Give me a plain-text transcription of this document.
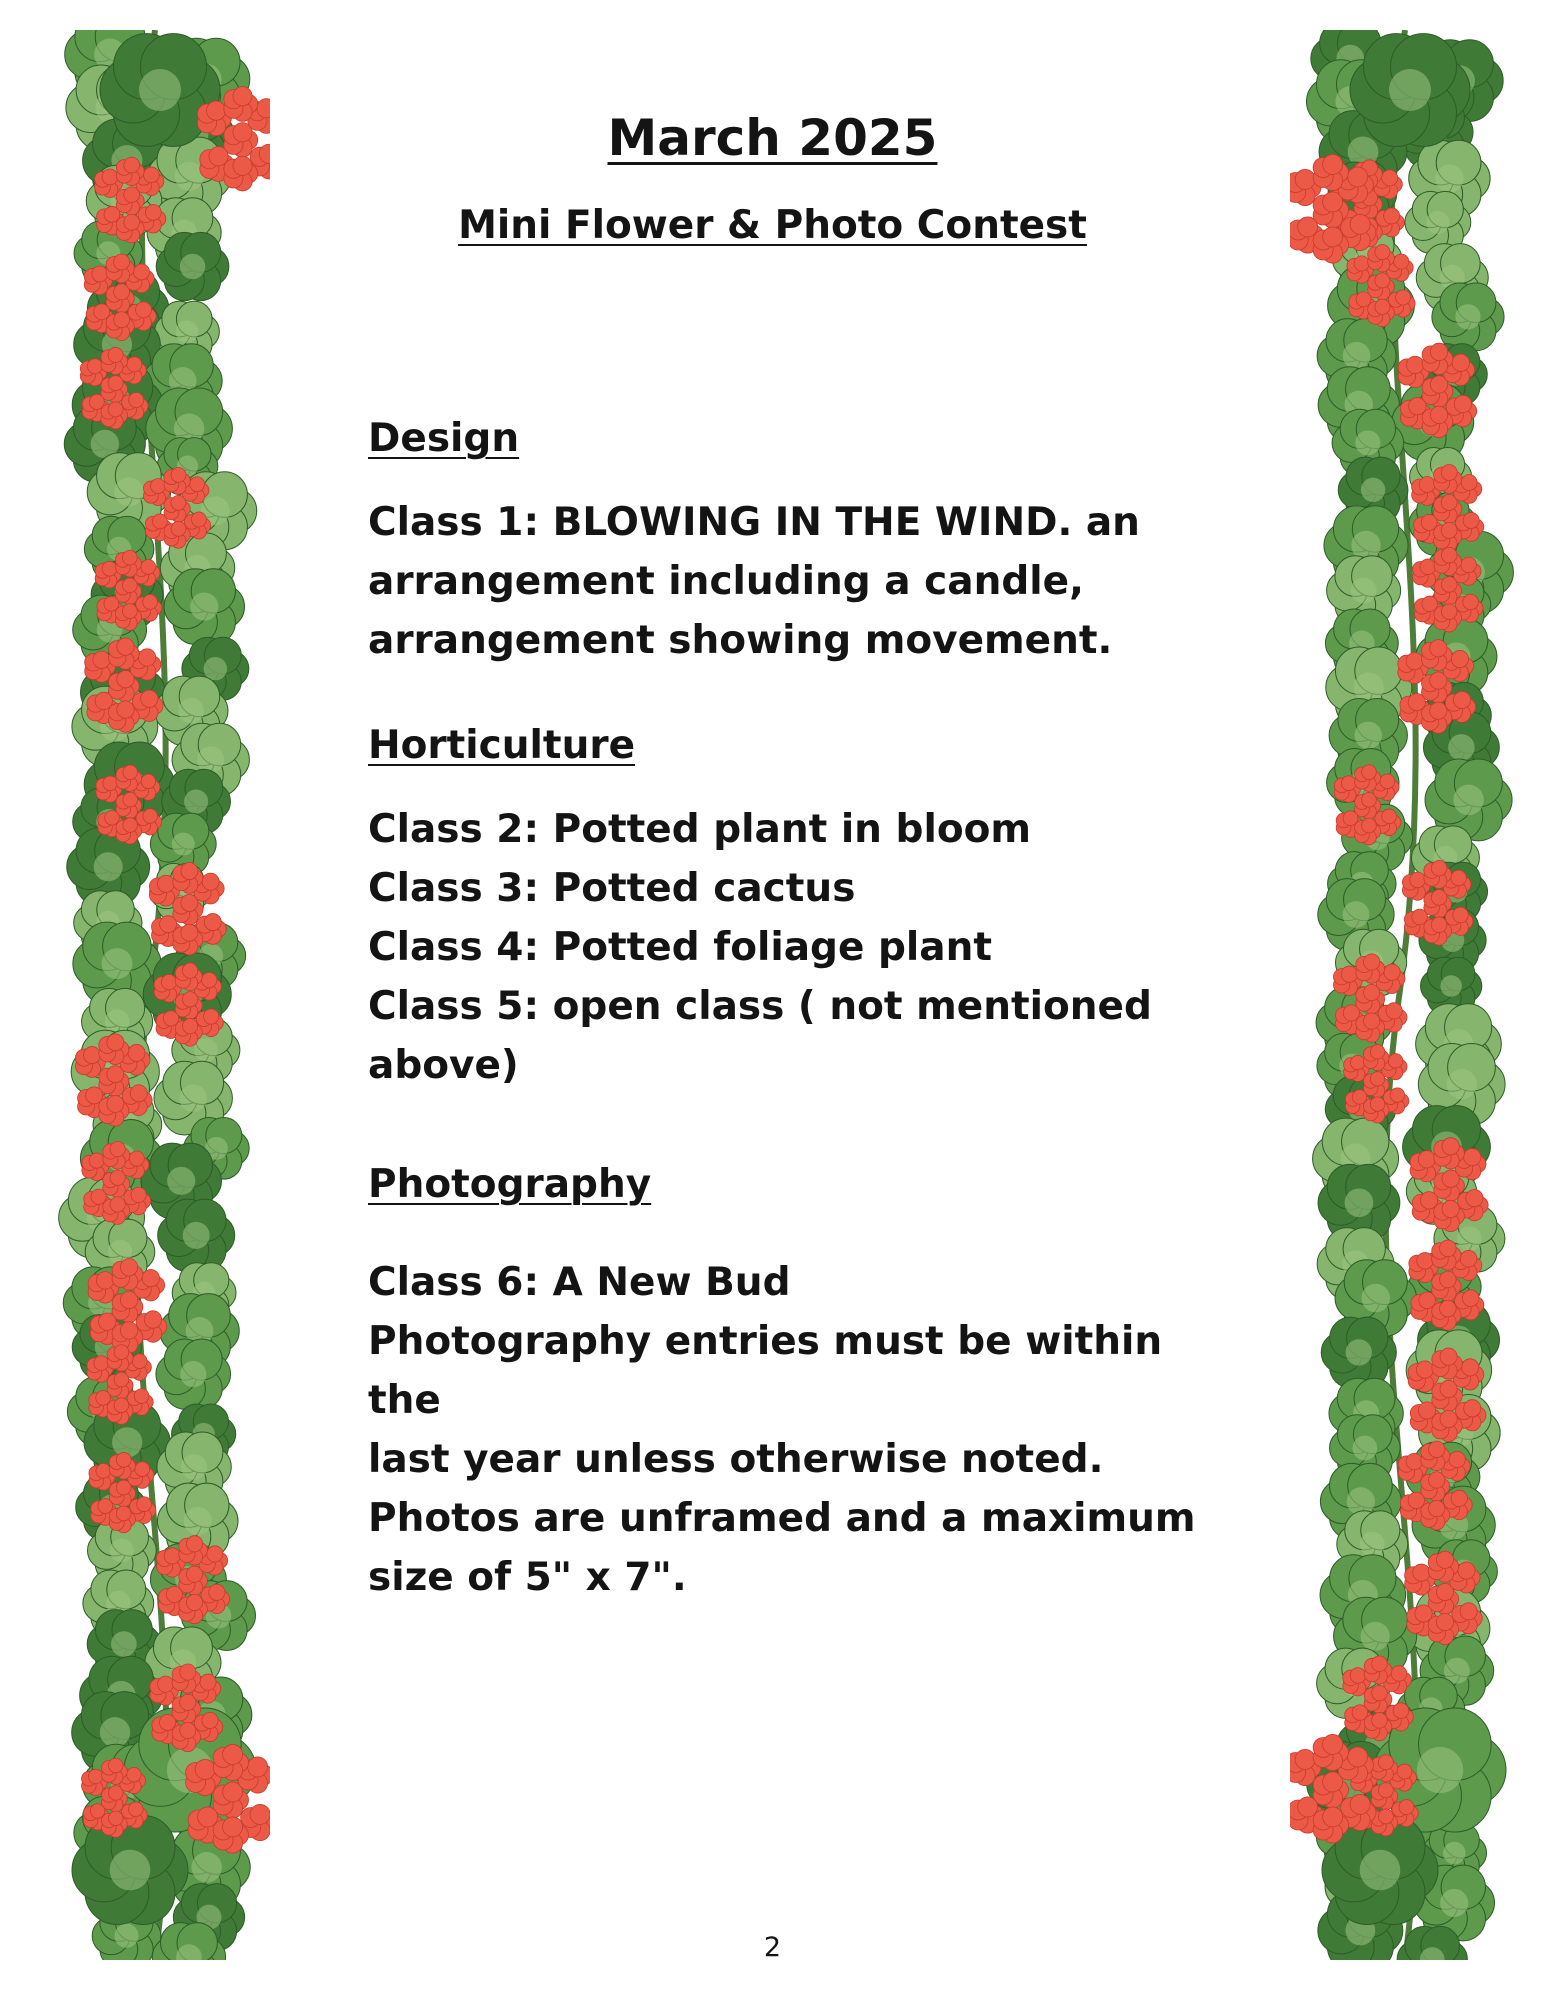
March 2025
Mini Flower & Photo Contest
Design

Class 1: BLOWING IN THE WIND. an

arrangement including a candle,

arrangement showing movement.

Horticulture

Class 2: Potted plant in bloom

Class 3: Potted cactus

Class 4: Potted foliage plant

Class 5: open class ( not mentioned

above)

Photography

Class 6: A New Bud

Photography entries must be within the

last year unless otherwise noted.

Photos are unframed and a maximum

size of 5" x 7".

2
